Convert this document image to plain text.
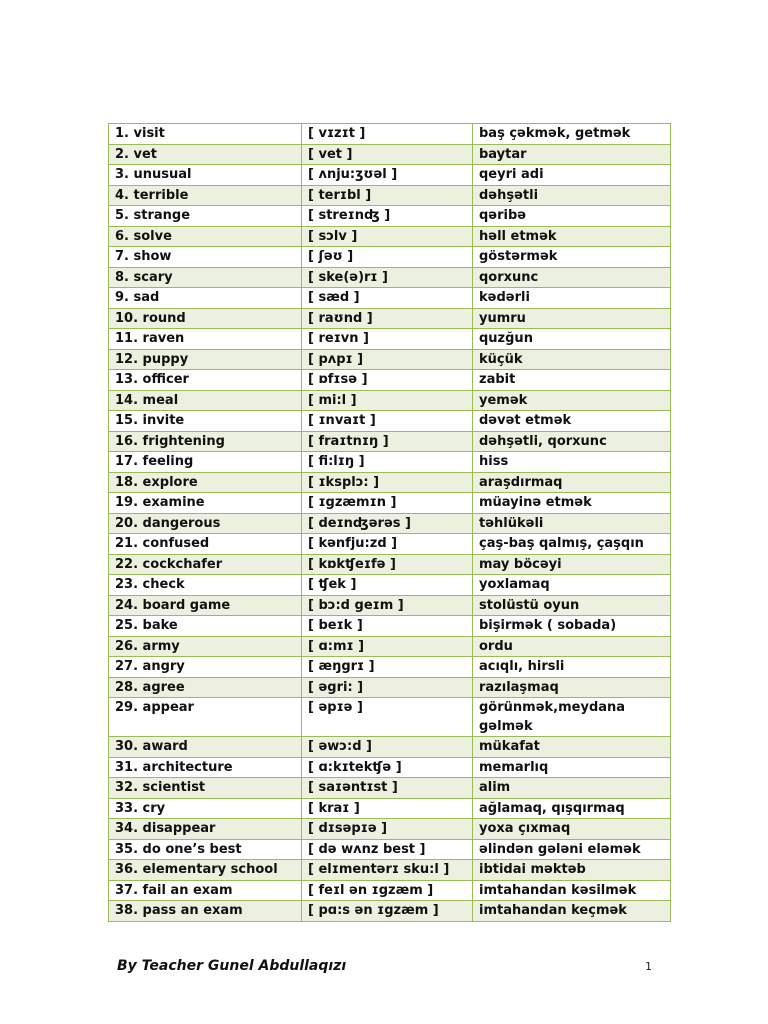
1. visit	[ vɪzɪt ]	baş çəkmək, getmək
2. vet	[ vet ]	baytar
3. unusual	[ ʌnju:ʒʊəl ]	qeyri adi
4. terrible	[ terɪbl ]	dəhşətli
5. strange	[ streɪnʤ ]	qəribə
6. solve	[ sɔlv ]	həll etmək
7. show	[ ʃəʊ ]	göstərmək
8. scary	[ ske(ə)rɪ ]	qorxunc
9. sad	[ sæd ]	kədərli
10. round	[ raʊnd ]	yumru
11. raven	[ reɪvn ]	quzğun
12. puppy	[ pʌpɪ ]	küçük
13. officer	[ ɒfɪsə ]	zabit
14. meal	[ mi:l ]	yemək
15. invite	[ ɪnvaɪt ]	dəvət etmək
16. frightening	[ fraɪtnɪŋ ]	dəhşətli, qorxunc
17. feeling	[ fi:lɪŋ ]	hiss
18. explore	[ ɪksplɔ: ]	araşdırmaq
19. examine	[ ɪgzæmɪn ]	müayinə etmək
20. dangerous	[ deɪnʤərəs ]	təhlükəli
21. confused	[ kənfju:zd ]	çaş-baş qalmış, çaşqın
22. cockchafer	[ kɒkʧeɪfə ]	may böcəyi
23. check	[ ʧek ]	yoxlamaq
24. board game	[ bɔ:d geɪm ]	stolüstü oyun
25. bake	[ beɪk ]	bişirmək ( sobada)
26. army	[ ɑ:mɪ ]	ordu
27. angry	[ æŋgrɪ ]	acıqlı, hirsli
28. agree	[ əgri: ]	razılaşmaq
29. appear	[ əpɪə ]	görünmək,meydana gəlmək
30. award	[ əwɔ:d ]	mükafat
31. architecture	[ ɑ:kɪtekʧə ]	memarlıq
32. scientist	[ saɪəntɪst ]	alim
33. cry	[ kraɪ ]	ağlamaq, qışqırmaq
34. disappear	[ dɪsəpɪə ]	yoxa çıxmaq
35. do one’s best	[ də wʌnz best ]	əlindən gələni eləmək
36. elementary school	[ elɪmentərɪ sku:l ]	ibtidai məktəb
37. fail an exam	[ feɪl ən ɪgzæm ]	imtahandan kəsilmək
38. pass an exam	[ pɑ:s ən ɪgzæm ]	imtahandan keçmək
By Teacher Gunel Abdullaqızı	1
